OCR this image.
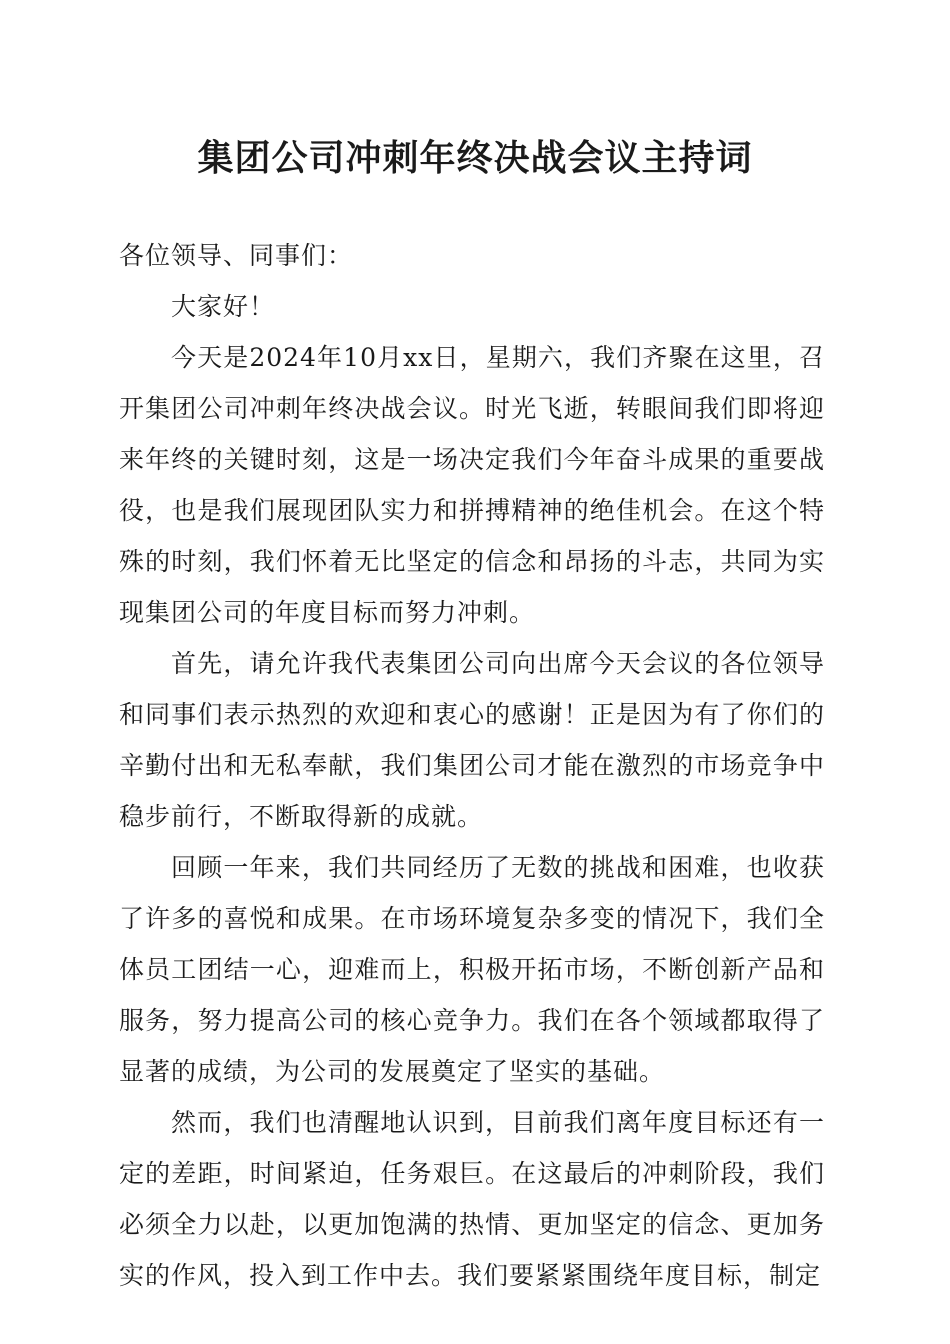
集团公司冲刺年终决战会议主持词

各位领导、同事们：

大家好！

今天是2024年10月xx日，星期六，我们齐聚在这里，召开集团公司冲刺年终决战会议。时光飞逝，转眼间我们即将迎来年终的关键时刻，这是一场决定我们今年奋斗成果的重要战役，也是我们展现团队实力和拼搏精神的绝佳机会。在这个特殊的时刻，我们怀着无比坚定的信念和昂扬的斗志，共同为实现集团公司的年度目标而努力冲刺。

首先，请允许我代表集团公司向出席今天会议的各位领导和同事们表示热烈的欢迎和衷心的感谢！正是因为有了你们的辛勤付出和无私奉献，我们集团公司才能在激烈的市场竞争中稳步前行，不断取得新的成就。

回顾一年来，我们共同经历了无数的挑战和困难，也收获了许多的喜悦和成果。在市场环境复杂多变的情况下，我们全体员工团结一心，迎难而上，积极开拓市场，不断创新产品和服务，努力提高公司的核心竞争力。我们在各个领域都取得了显著的成绩，为公司的发展奠定了坚实的基础。

然而，我们也清醒地认识到，目前我们离年度目标还有一定的差距，时间紧迫，任务艰巨。在这最后的冲刺阶段，我们必须全力以赴，以更加饱满的热情、更加坚定的信念、更加务实的作风，投入到工作中去。我们要紧紧围绕年度目标，制定
